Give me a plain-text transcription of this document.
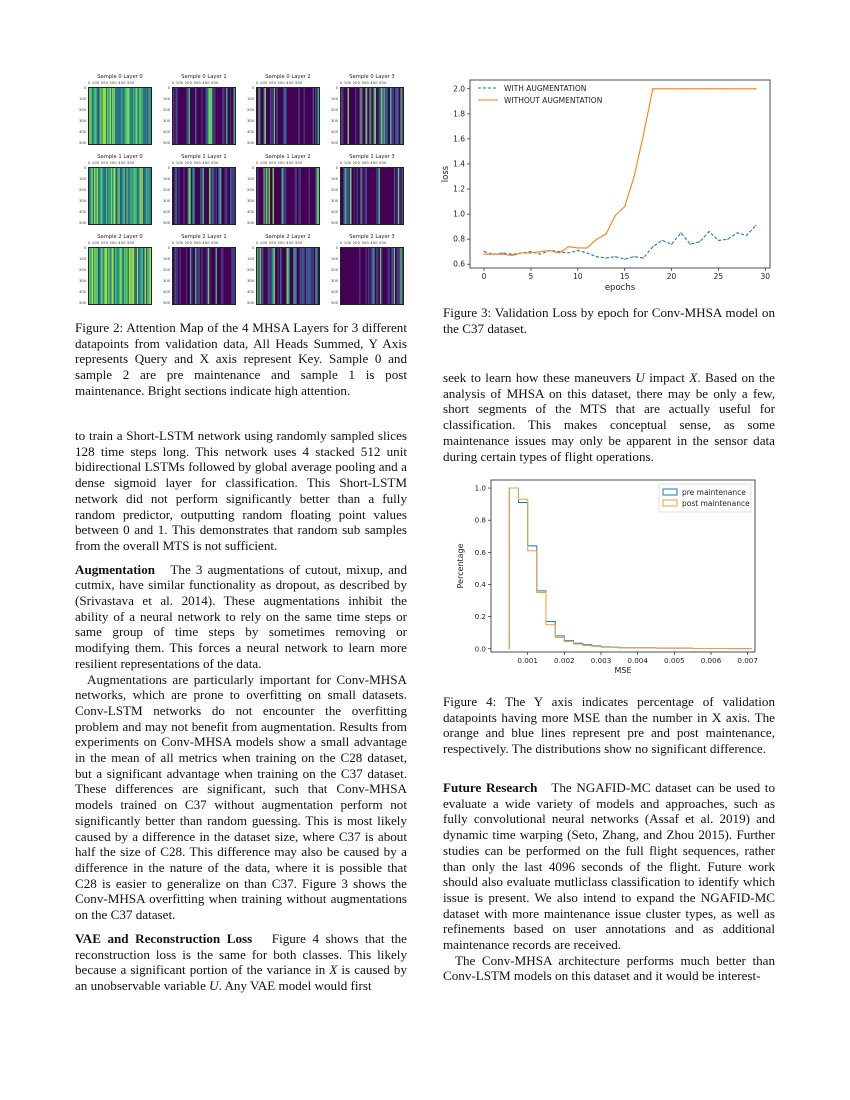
Sample 0 Layer 0
0 100 200 300 400 500
0
100
200
300
400
500
Sample 0 Layer 1
0 100 200 300 400 500
0
100
200
300
400
500
Sample 0 Layer 2
0 100 200 300 400 500
0
100
200
300
400
500
Sample 0 Layer 3
0 100 200 300 400 500
0
100
200
300
400
500
Sample 1 Layer 0
0 100 200 300 400 500
0
100
200
300
400
500
Sample 1 Layer 1
0 100 200 300 400 500
0
100
200
300
400
500
Sample 1 Layer 2
0 100 200 300 400 500
0
100
200
300
400
500
Sample 1 Layer 3
0 100 200 300 400 500
0
100
200
300
400
500
Sample 2 Layer 0
0 100 200 300 400 500
0
100
200
300
400
500
Sample 2 Layer 1
0 100 200 300 400 500
0
100
200
300
400
500
Sample 2 Layer 2
0 100 200 300 400 500
0
100
200
300
400
500
Sample 2 Layer 3
0 100 200 300 400 500
0
100
200
300
400
500
Figure 2: Attention Map of the 4 MHSA Layers for 3 different datapoints from validation data, All Heads Summed, Y Axis represents Query and X axis represent Key. Sample 0 and sample 2 are pre maintenance and sample 1 is post maintenance. Bright sections indicate high attention.

to train a Short-LSTM network using randomly sampled slices 128 time steps long. This network uses 4 stacked 512 unit bidirectional LSTMs followed by global average pooling and a dense sigmoid layer for classification. This Short-LSTM network did not perform significantly better than a fully random predictor, outputting random floating point values between 0 and 1. This demonstrates that random sub samples from the overall MTS is not sufficient.

Augmentation The 3 augmentations of cutout, mixup, and cutmix, have similar functionality as dropout, as described by (Srivastava et al. 2014). These augmentations inhibit the ability of a neural network to rely on the same time steps or same group of time steps by sometimes removing or modifying them. This forces a neural network to learn more resilient representations of the data.

Augmentations are particularly important for Conv-MHSA networks, which are prone to overfitting on small datasets. Conv-LSTM networks do not encounter the overfitting problem and may not benefit from augmentation. Results from experiments on Conv-MHSA models show a small advantage in the mean of all metrics when training on the C28 dataset, but a significant advantage when training on the C37 dataset. These differences are significant, such that Conv-MHSA models trained on C37 without augmentation perform not significantly better than random guessing. This is most likely caused by a difference in the dataset size, where C37 is about half the size of C28. This difference may also be caused by a difference in the nature of the data, where it is possible that C28 is easier to generalize on than C37. Figure 3 shows the Conv-MHSA overfitting when training without augmentations on the C37 dataset.

VAE and Reconstruction Loss Figure 4 shows that the reconstruction loss is the same for both classes. This likely because a significant portion of the variance in X is caused by an unobservable variable U. Any VAE model would first

0	5	10	15	20	25	30
0.6
0.8
1.0
1.2
1.4
1.6
1.8
2.0
epochs
loss
WITH AUGMENTATION
WITHOUT AUGMENTATION
Figure 3: Validation Loss by epoch for Conv-MHSA model on the C37 dataset.

seek to learn how these maneuvers U impact X. Based on the analysis of MHSA on this dataset, there may be only a few, short segments of the MTS that are actually useful for classification. This makes conceptual sense, as some maintenance issues may only be apparent in the sensor data during certain types of flight operations.

0.001 0.002 0.003 0.004 0.005 0.006 0.007
0.0
0.2
0.4
0.6
0.8
1.0
MSE
Percentage
pre maintenance
post maintenance
Figure 4: The Y axis indicates percentage of validation datapoints having more MSE than the number in X axis. The orange and blue lines represent pre and post maintenance, respectively. The distributions show no significant difference.

Future Research The NGAFID-MC dataset can be used to evaluate a wide variety of models and approaches, such as fully convolutional neural networks (Assaf et al. 2019) and dynamic time warping (Seto, Zhang, and Zhou 2015). Further studies can be performed on the full flight sequences, rather than only the last 4096 seconds of the flight. Future work should also evaluate mutliclass classification to identify which issue is present. We also intend to expand the NGAFID-MC dataset with more maintenance issue cluster types, as well as refinements based on user annotations and as additional maintenance records are received.

The Conv-MHSA architecture performs much better than Conv-LSTM models on this dataset and it would be interest-
